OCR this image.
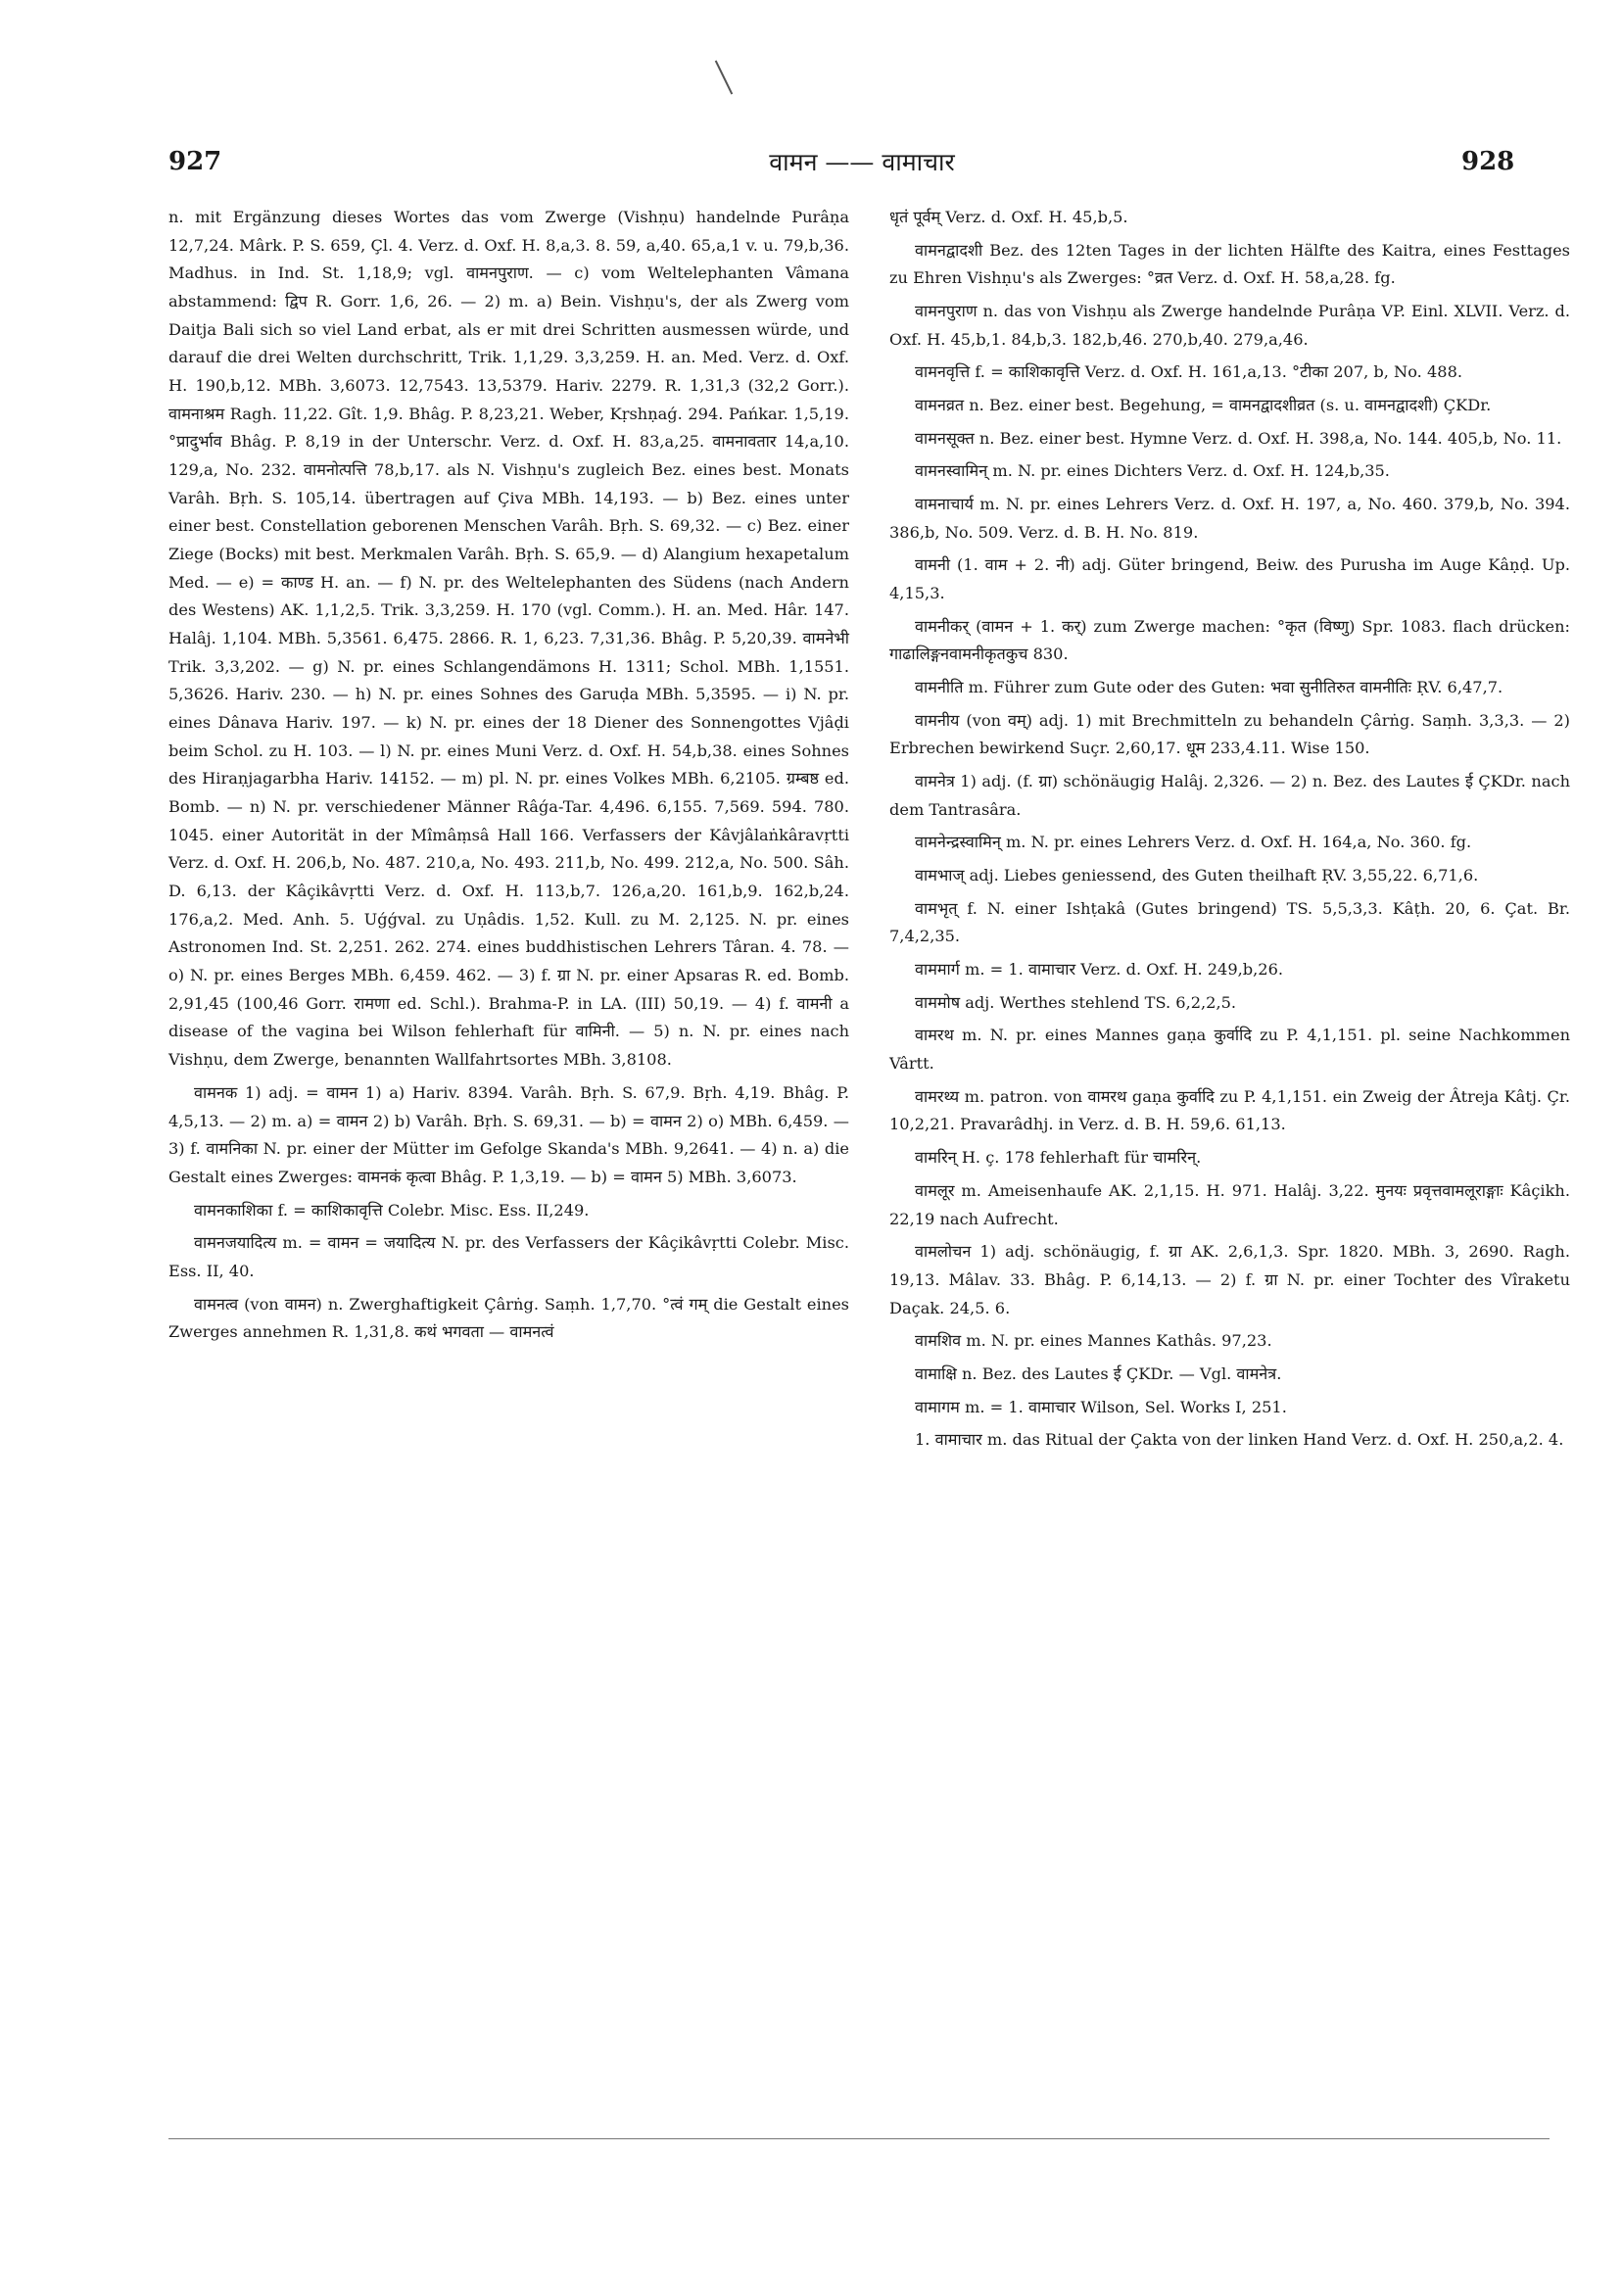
927	वामन —— वामाचार	928

n. mit Ergänzung dieses Wortes das vom Zwerge (Vishṇu) handelnde Purâṇa 12,7,24. Mârk. P. S. 659, Çl. 4. Verz. d. Oxf. H. 8,a,3. 8. 59, a,40. 65,a,1 v. u. 79,b,36. Madhus. in Ind. St. 1,18,9; vgl. वामनपुराण. — c) vom Weltelephanten Vâmana abstammend: द्विप R. Gorr. 1,6, 26. — 2) m. a) Bein. Vishṇu's, der als Zwerg vom Daitja Bali sich so viel Land erbat, als er mit drei Schritten ausmessen würde, und darauf die drei Welten durchschritt, Trik. 1,1,29. 3,3,259. H. an. Med. Verz. d. Oxf. H. 190,b,12. MBh. 3,6073. 12,7543. 13,5379. Hariv. 2279. R. 1,31,3 (32,2 Gorr.). वामनाश्रम Ragh. 11,22. Gît. 1,9. Bhâg. P. 8,23,21. Weber, Kṛshṇaǵ. 294. Pańkar. 1,5,19. °प्रादुर्भाव Bhâg. P. 8,19 in der Unterschr. Verz. d. Oxf. H. 83,a,25. वामनावतार 14,a,10. 129,a, No. 232. वामनोत्पत्ति 78,b,17. als N. Vishṇu's zugleich Bez. eines best. Monats Varâh. Bṛh. S. 105,14. übertragen auf Çiva MBh. 14,193. — b) Bez. eines unter einer best. Constellation geborenen Menschen Varâh. Bṛh. S. 69,32. — c) Bez. einer Ziege (Bocks) mit best. Merkmalen Varâh. Bṛh. S. 65,9. — d) Alangium hexapetalum Med. — e) = काण्ड H. an. — f) N. pr. des Weltelephanten des Südens (nach Andern des Westens) AK. 1,1,2,5. Trik. 3,3,259. H. 170 (vgl. Comm.). H. an. Med. Hâr. 147. Halâj. 1,104. MBh. 5,3561. 6,475. 2866. R. 1, 6,23. 7,31,36. Bhâg. P. 5,20,39. वामनेभी Trik. 3,3,202. — g) N. pr. eines Schlangendämons H. 1311; Schol. MBh. 1,1551. 5,3626. Hariv. 230. — h) N. pr. eines Sohnes des Garuḍa MBh. 5,3595. — i) N. pr. eines Dânava Hariv. 197. — k) N. pr. eines der 18 Diener des Sonnengottes Vjâḍi beim Schol. zu H. 103. — l) N. pr. eines Muni Verz. d. Oxf. H. 54,b,38. eines Sohnes des Hiraṇjagarbha Hariv. 14152. — m) pl. N. pr. eines Volkes MBh. 6,2105. ग्रम्बष्ठ ed. Bomb. — n) N. pr. verschiedener Männer Râǵa-Tar. 4,496. 6,155. 7,569. 594. 780. 1045. einer Autorität in der Mîmâṃsâ Hall 166. Verfassers der Kâvjâlaṅkâravṛtti Verz. d. Oxf. H. 206,b, No. 487. 210,a, No. 493. 211,b, No. 499. 212,a, No. 500. Sâh. D. 6,13. der Kâçikâvṛtti Verz. d. Oxf. H. 113,b,7. 126,a,20. 161,b,9. 162,b,24. 176,a,2. Med. Anh. 5. Uǵǵval. zu Uṇâdis. 1,52. Kull. zu M. 2,125. N. pr. eines Astronomen Ind. St. 2,251. 262. 274. eines buddhistischen Lehrers Târan. 4. 78. — o) N. pr. eines Berges MBh. 6,459. 462. — 3) f. ग्रा N. pr. einer Apsaras R. ed. Bomb. 2,91,45 (100,46 Gorr. रामणा ed. Schl.). Brahma-P. in LA. (III) 50,19. — 4) f. वामनी a disease of the vagina bei Wilson fehlerhaft für वामिनी. — 5) n. N. pr. eines nach Vishṇu, dem Zwerge, benannten Wallfahrtsortes MBh. 3,8108.

वामनक 1) adj. = वामन 1) a) Hariv. 8394. Varâh. Bṛh. S. 67,9. Bṛh. 4,19. Bhâg. P. 4,5,13. — 2) m. a) = वामन 2) b) Varâh. Bṛh. S. 69,31. — b) = वामन 2) o) MBh. 6,459. — 3) f. वामनिका N. pr. einer der Mütter im Gefolge Skanda's MBh. 9,2641. — 4) n. a) die Gestalt eines Zwerges: वामनकं कृत्वा Bhâg. P. 1,3,19. — b) = वामन 5) MBh. 3,6073.

वामनकाशिका f. = काशिकावृत्ति Colebr. Misc. Ess. II,249.

वामनजयादित्य m. = वामन = जयादित्य N. pr. des Verfassers der Kâçikâvṛtti Colebr. Misc. Ess. II, 40.

वामनत्व (von वामन) n. Zwerghaftigkeit Çârṅg. Saṃh. 1,7,70. °त्वं गम् die Gestalt eines Zwerges annehmen R. 1,31,8. कथं भगवता — वामनत्वं

धृतं पूर्वम् Verz. d. Oxf. H. 45,b,5.

वामनद्वादशी Bez. des 12ten Tages in der lichten Hälfte des Kaitra, eines Festtages zu Ehren Vishṇu's als Zwerges: °व्रत Verz. d. Oxf. H. 58,a,28. fg.

वामनपुराण n. das von Vishṇu als Zwerge handelnde Purâṇa VP. Einl. XLVII. Verz. d. Oxf. H. 45,b,1. 84,b,3. 182,b,46. 270,b,40. 279,a,46.

वामनवृत्ति f. = काशिकावृत्ति Verz. d. Oxf. H. 161,a,13. °टीका 207, b, No. 488.

वामनव्रत n. Bez. einer best. Begehung, = वामनद्वादशीव्रत (s. u. वामनद्वादशी) ÇKDr.

वामनसूक्त n. Bez. einer best. Hymne Verz. d. Oxf. H. 398,a, No. 144. 405,b, No. 11.

वामनस्वामिन् m. N. pr. eines Dichters Verz. d. Oxf. H. 124,b,35.

वामनाचार्य m. N. pr. eines Lehrers Verz. d. Oxf. H. 197, a, No. 460. 379,b, No. 394. 386,b, No. 509. Verz. d. B. H. No. 819.

वामनी (1. वाम + 2. नी) adj. Güter bringend, Beiw. des Purusha im Auge Kâṇḍ. Up. 4,15,3.

वामनीकर् (वामन + 1. कर्) zum Zwerge machen: °कृत (विष्णु) Spr. 1083. flach drücken: गाढालिङ्गनवामनीकृतकुच 830.

वामनीति m. Führer zum Gute oder des Guten: भवा सुनीतिरुत वामनीतिः ṚV. 6,47,7.

वामनीय (von वम्) adj. 1) mit Brechmitteln zu behandeln Çârṅg. Saṃh. 3,3,3. — 2) Erbrechen bewirkend Suçr. 2,60,17. धूम 233,4.11. Wise 150.

वामनेत्र 1) adj. (f. ग्रा) schönäugig Halâj. 2,326. — 2) n. Bez. des Lautes ई ÇKDr. nach dem Tantrasâra.

वामनेन्द्रस्वामिन् m. N. pr. eines Lehrers Verz. d. Oxf. H. 164,a, No. 360. fg.

वामभाज् adj. Liebes geniessend, des Guten theilhaft ṚV. 3,55,22. 6,71,6.

वामभृत् f. N. einer Ishṭakâ (Gutes bringend) TS. 5,5,3,3. Kâṭh. 20, 6. Çat. Br. 7,4,2,35.

वाममार्ग m. = 1. वामाचार Verz. d. Oxf. H. 249,b,26.

वाममोष adj. Werthes stehlend TS. 6,2,2,5.

वामरथ m. N. pr. eines Mannes gaṇa कुर्वादि zu P. 4,1,151. pl. seine Nachkommen Vârtt.

वामरथ्य m. patron. von वामरथ gaṇa कुर्वादि zu P. 4,1,151. ein Zweig der Âtreja Kâtj. Çr. 10,2,21. Pravarâdhj. in Verz. d. B. H. 59,6. 61,13.

वामरिन् H. ç. 178 fehlerhaft für चामरिन्.

वामलूर m. Ameisenhaufe AK. 2,1,15. H. 971. Halâj. 3,22. मुनयः प्रवृत्तवामलूराङ्गाः Kâçikh. 22,19 nach Aufrecht.

वामलोचन 1) adj. schönäugig, f. ग्रा AK. 2,6,1,3. Spr. 1820. MBh. 3, 2690. Ragh. 19,13. Mâlav. 33. Bhâg. P. 6,14,13. — 2) f. ग्रा N. pr. einer Tochter des Vîraketu Daçak. 24,5. 6.

वामशिव m. N. pr. eines Mannes Kathâs. 97,23.

वामाक्षि n. Bez. des Lautes ई ÇKDr. — Vgl. वामनेत्र.

वामागम m. = 1. वामाचार Wilson, Sel. Works I, 251.

1. वामाचार m. das Ritual der Çakta von der linken Hand Verz. d. Oxf. H. 250,a,2. 4.
